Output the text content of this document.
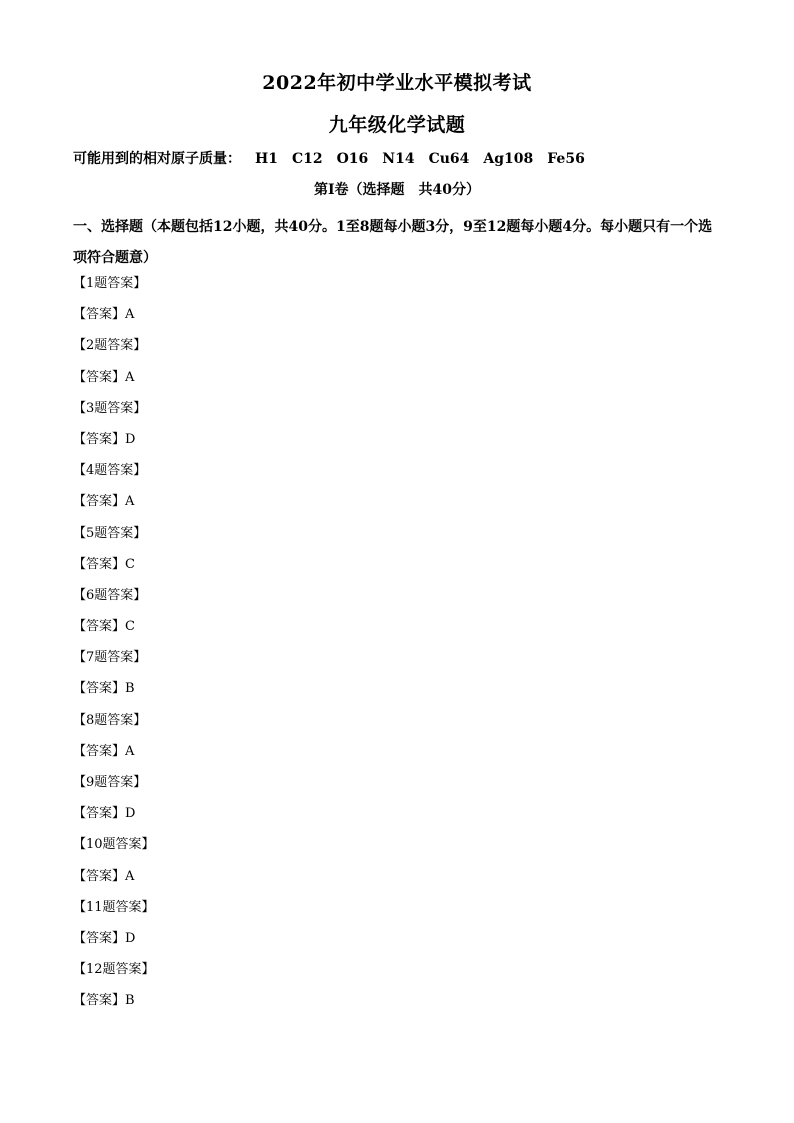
2022年初中学业水平模拟考试
九年级化学试题
可能用到的相对原子质量： H1 C12 O16 N14 Cu64 Ag108 Fe56
第I卷（选择题　共40分）
一、选择题（本题包括12小题，共40分。1至8题每小题3分，9至12题每小题4分。每小题只有一个选项符合题意）
【1题答案】
【答案】A
【2题答案】
【答案】A
【3题答案】
【答案】D
【4题答案】
【答案】A
【5题答案】
【答案】C
【6题答案】
【答案】C
【7题答案】
【答案】B
【8题答案】
【答案】A
【9题答案】
【答案】D
【10题答案】
【答案】A
【11题答案】
【答案】D
【12题答案】
【答案】B
